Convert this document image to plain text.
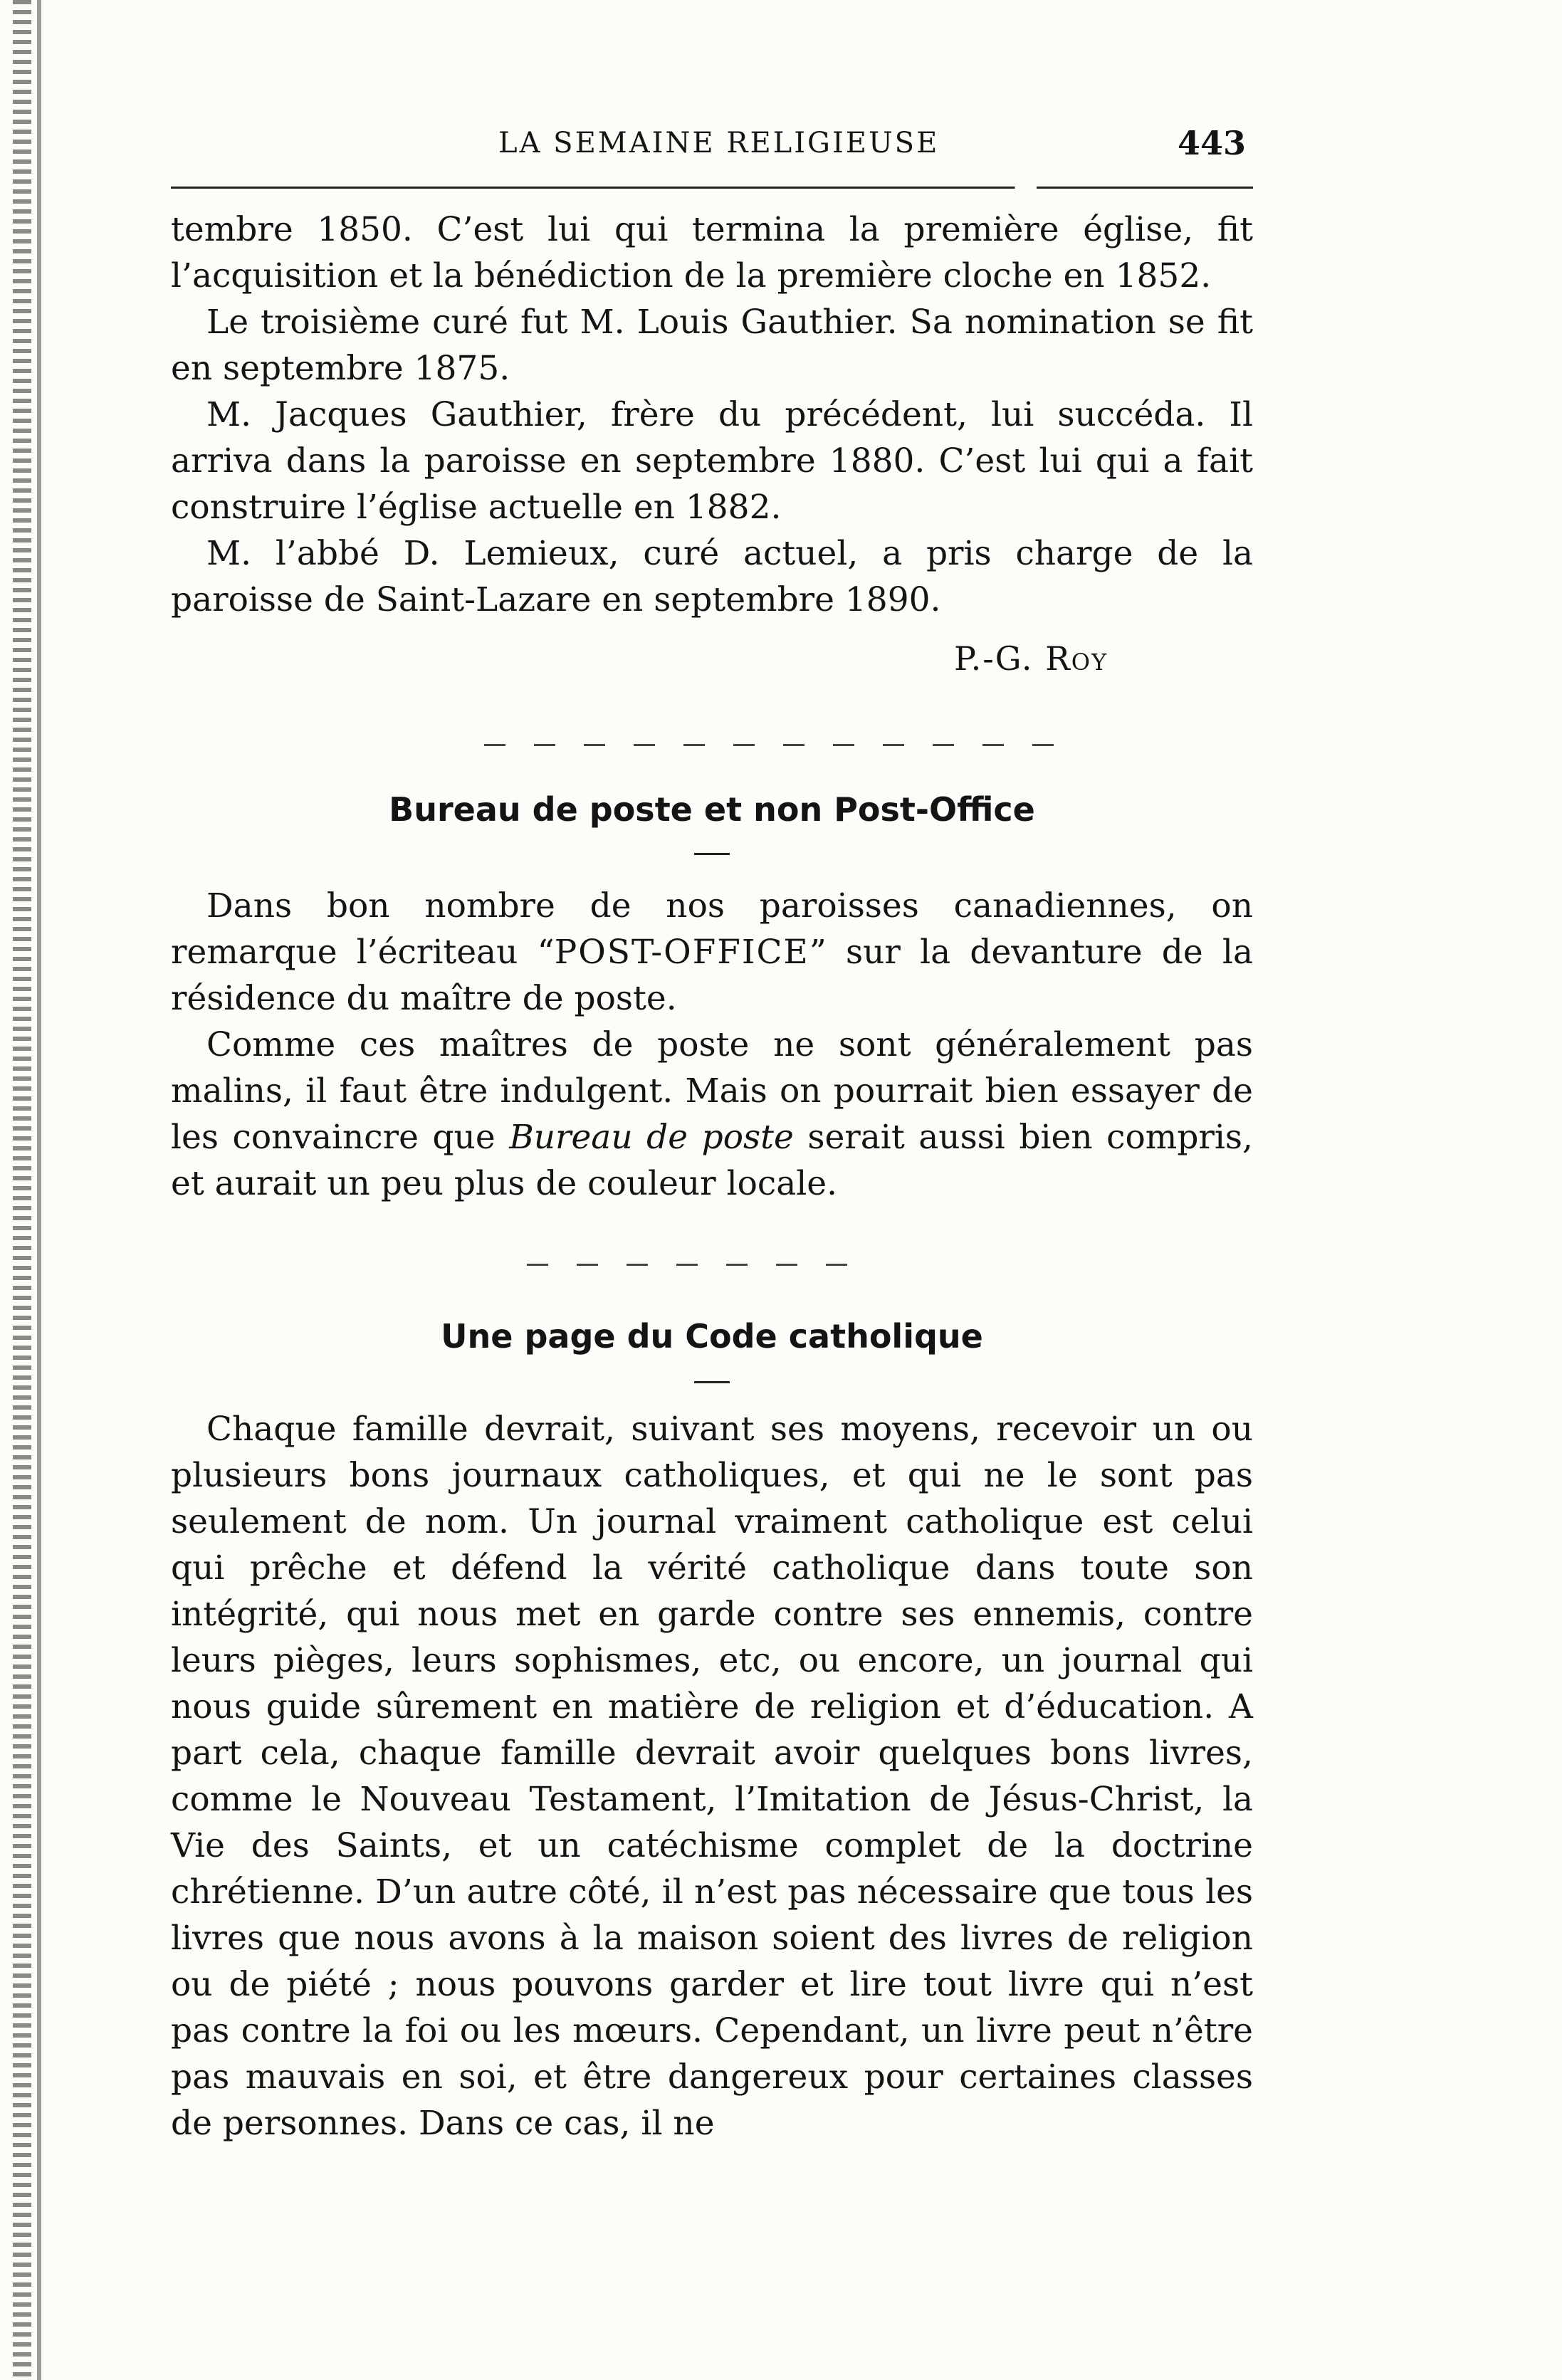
LA SEMAINE RELIGIEUSE	443

tembre 1850. C’est lui qui termina la première église, fit l’acquisition et la bénédiction de la première cloche en 1852.

Le troisième curé fut M. Louis Gauthier. Sa nomination se fit en septembre 1875.

M. Jacques Gauthier, frère du précédent, lui succéda. Il arriva dans la paroisse en septembre 1880. C’est lui qui a fait construire l’église actuelle en 1882.

M. l’abbé D. Lemieux, curé actuel, a pris charge de la paroisse de Saint-Lazare en septembre 1890.

P.-G. Roy
Bureau de poste et non Post-Office

Dans bon nombre de nos paroisses canadiennes, on remarque l’écriteau “POST-OFFICE” sur la devanture de la résidence du maître de poste.

Comme ces maîtres de poste ne sont généralement pas malins, il faut être indulgent. Mais on pourrait bien essayer de les convaincre que Bureau de poste serait aussi bien compris, et aurait un peu plus de couleur locale.

Une page du Code catholique

Chaque famille devrait, suivant ses moyens, recevoir un ou plusieurs bons journaux catholiques, et qui ne le sont pas seulement de nom. Un journal vraiment catholique est celui qui prêche et défend la vérité catholique dans toute son intégrité, qui nous met en garde contre ses ennemis, contre leurs pièges, leurs sophismes, etc, ou encore, un journal qui nous guide sûrement en matière de religion et d’éducation. A part cela, chaque famille devrait avoir quelques bons livres, comme le Nouveau Testament, l’Imitation de Jésus-Christ, la Vie des Saints, et un catéchisme complet de la doctrine chrétienne. D’un autre côté, il n’est pas nécessaire que tous les livres que nous avons à la maison soient des livres de religion ou de piété ; nous pouvons garder et lire tout livre qui n’est pas contre la foi ou les mœurs. Cependant, un livre peut n’être pas mauvais en soi, et être dangereux pour certaines classes de personnes. Dans ce cas, il ne
